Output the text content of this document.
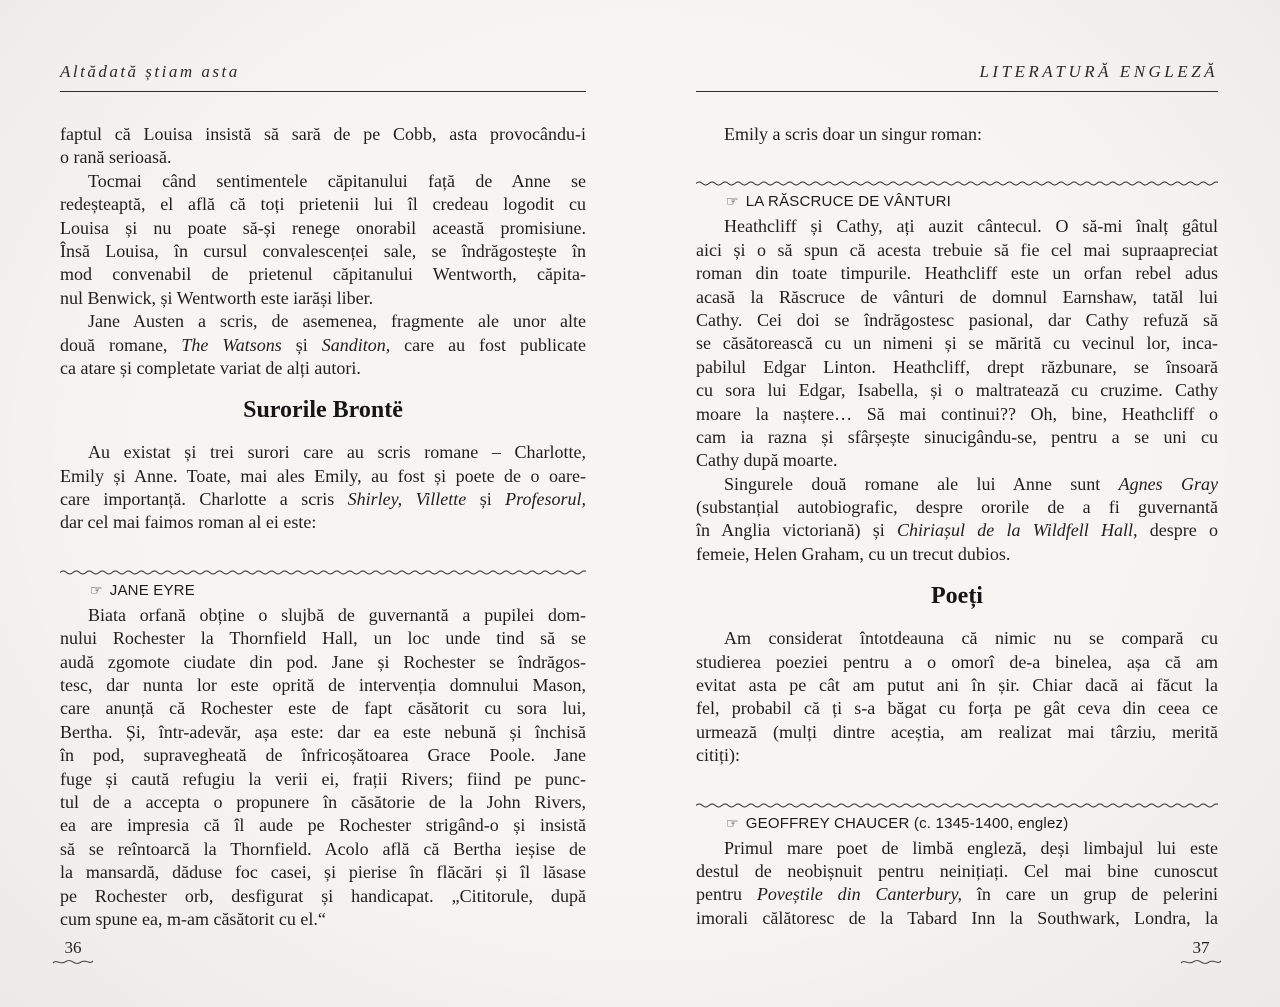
Altădată știam asta
faptul că Louisa insistă să sară de pe Cobb, asta provocându-i
o rană serioasă.
Tocmai când sentimentele căpitanului față de Anne se
redeșteaptă, el află că toți prietenii lui îl credeau logodit cu
Louisa și nu poate să-și renege onorabil această promisiune.
Însă Louisa, în cursul convalescenței sale, se îndrăgostește în
mod convenabil de prietenul căpitanului Wentworth, căpita-
nul Benwick, și Wentworth este iarăși liber.
Jane Austen a scris, de asemenea, fragmente ale unor alte
două romane, The Watsons și Sanditon, care au fost publicate
ca atare și completate variat de alți autori.
Surorile Brontë
Au existat și trei surori care au scris romane – Charlotte,
Emily și Anne. Toate, mai ales Emily, au fost și poete de o oare-
care importanță. Charlotte a scris Shirley, Villette și Profesorul,
dar cel mai faimos roman al ei este:
☞ JANE EYRE
Biata orfană obține o slujbă de guvernantă a pupilei dom-
nului Rochester la Thornfield Hall, un loc unde tind să se
audă zgomote ciudate din pod. Jane și Rochester se îndrăgos-
tesc, dar nunta lor este oprită de intervenția domnului Mason,
care anunță că Rochester este de fapt căsătorit cu sora lui,
Bertha. Și, într-adevăr, așa este: dar ea este nebună și închisă
în pod, supravegheată de înfricoșătoarea Grace Poole. Jane
fuge și caută refugiu la verii ei, frații Rivers; fiind pe punc-
tul de a accepta o propunere în căsătorie de la John Rivers,
ea are impresia că îl aude pe Rochester strigând-o și insistă
să se reîntoarcă la Thornfield. Acolo află că Bertha ieșise de
la mansardă, dăduse foc casei, și pierise în flăcări și îl lăsase
pe Rochester orb, desfigurat și handicapat. „Cititorule, după
cum spune ea, m-am căsătorit cu el.“
36
LITERATURĂ ENGLEZĂ
Emily a scris doar un singur roman:
☞ LA RĂSCRUCE DE VÂNTURI
Heathcliff și Cathy, ați auzit cântecul. O să-mi înalț gâtul
aici și o să spun că acesta trebuie să fie cel mai supraapreciat
roman din toate timpurile. Heathcliff este un orfan rebel adus
acasă la Răscruce de vânturi de domnul Earnshaw, tatăl lui
Cathy. Cei doi se îndrăgostesc pasional, dar Cathy refuză să
se căsătorească cu un nimeni și se mărită cu vecinul lor, inca-
pabilul Edgar Linton. Heathcliff, drept răzbunare, se însoară
cu sora lui Edgar, Isabella, și o maltratează cu cruzime. Cathy
moare la naștere… Să mai continui?? Oh, bine, Heathcliff o
cam ia razna și sfârșește sinucigându-se, pentru a se uni cu
Cathy după moarte.
Singurele două romane ale lui Anne sunt Agnes Gray
(substanțial autobiografic, despre ororile de a fi guvernantă
în Anglia victoriană) și Chiriașul de la Wildfell Hall, despre o
femeie, Helen Graham, cu un trecut dubios.
Poeți
Am considerat întotdeauna că nimic nu se compară cu
studierea poeziei pentru a o omorî de-a binelea, așa că am
evitat asta pe cât am putut ani în șir. Chiar dacă ai făcut la
fel, probabil că ți s-a băgat cu forța pe gât ceva din ceea ce
urmează (mulți dintre aceștia, am realizat mai târziu, merită
citiți):
☞ GEOFFREY CHAUCER (c. 1345-1400, englez)
Primul mare poet de limbă engleză, deși limbajul lui este
destul de neobișnuit pentru neinițiați. Cel mai bine cunoscut
pentru Poveștile din Canterbury, în care un grup de pelerini
imorali călătoresc de la Tabard Inn la Southwark, Londra, la
37
